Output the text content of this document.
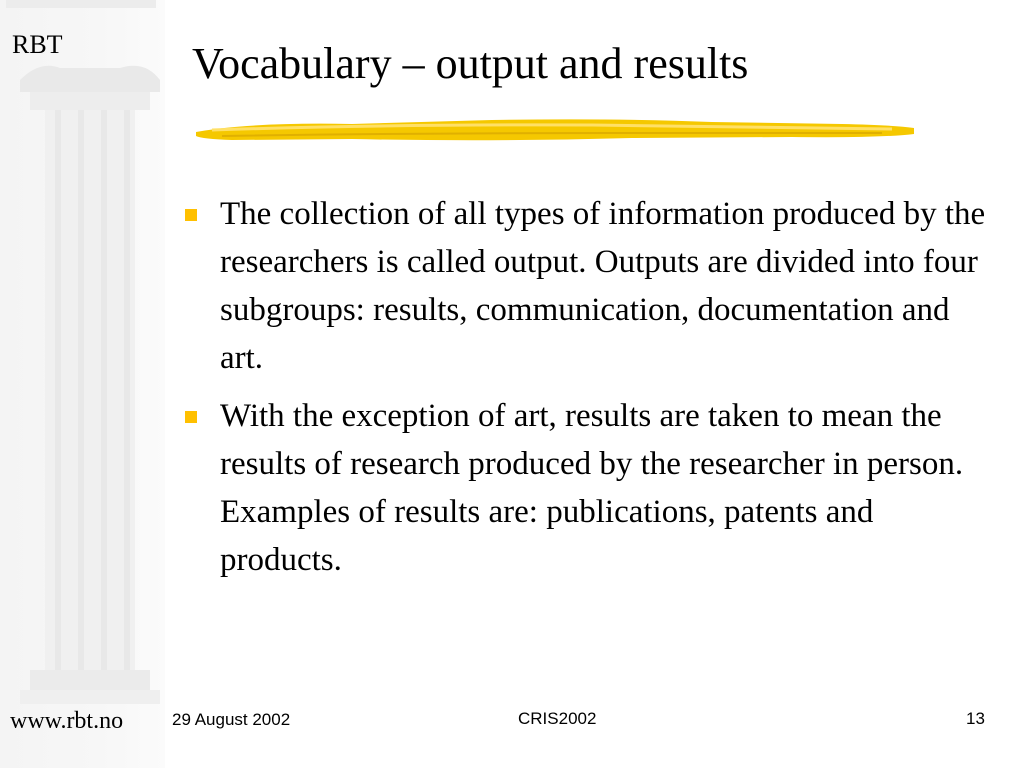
RBT	Vocabulary – output and results
The collection of all types of information produced by the researchers is called output. Outputs are divided into four subgroups: results, communication, documentation and art.
With the exception of art, results are taken to mean the results of research produced by the researcher in person. Examples of results are: publications, patents and products.
www.rbt.no	29 August 2002	CRIS2002	13
